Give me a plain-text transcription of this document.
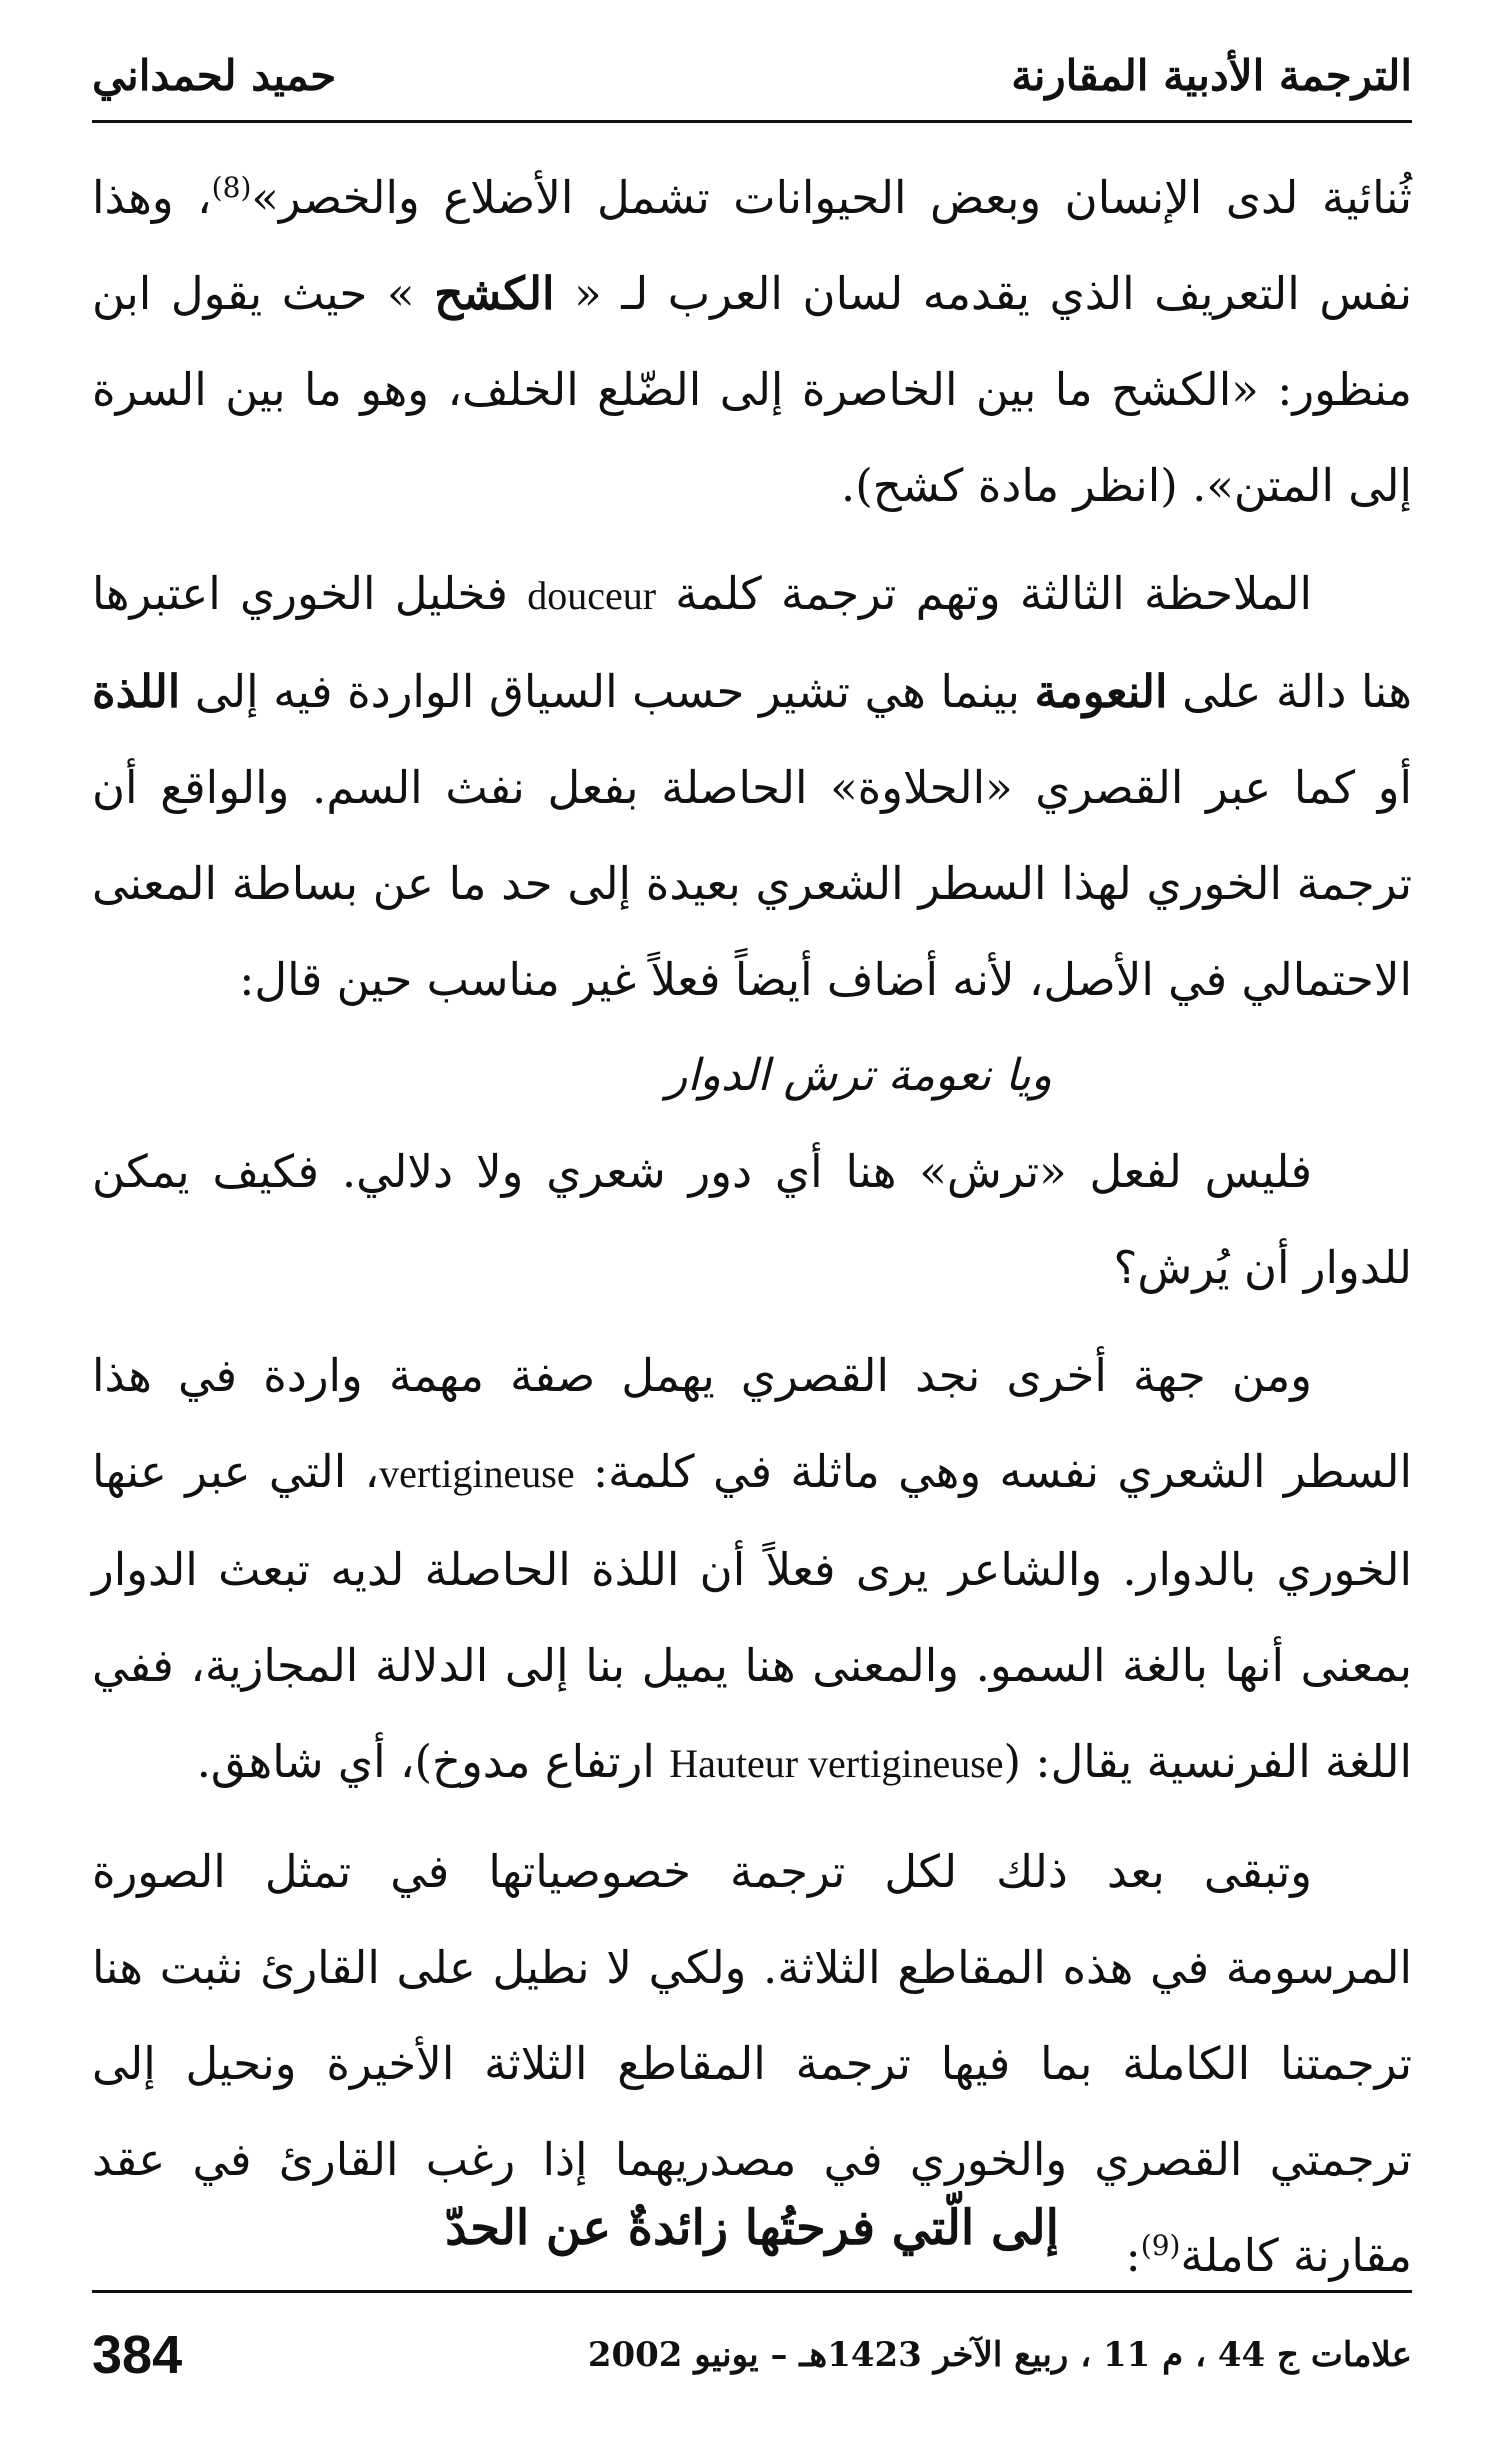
الترجمة الأدبية المقارنة
حميد لحمداني

ثُنائية لدى الإنسان وبعض الحيوانات تشمل الأضلاع والخصر»$^{(8)}$، وهذا نفس التعريف الذي يقدمه لسان العرب لـ « الكشح » حيث يقول ابن منظور: «الكشح ما بين الخاصرة إلى الضّلع الخلف، وهو ما بين السرة إلى المتن». (انظر مادة كشح).

الملاحظة الثالثة وتهم ترجمة كلمة douceur فخليل الخوري اعتبرها هنا دالة على النعومة بينما هي تشير حسب السياق الواردة فيه إلى اللذة أو كما عبر القصري «الحلاوة» الحاصلة بفعل نفث السم. والواقع أن ترجمة الخوري لهذا السطر الشعري بعيدة إلى حد ما عن بساطة المعنى الاحتمالي في الأصل، لأنه أضاف أيضاً فعلاً غير مناسب حين قال:

ويا نعومة ترش الدوار

فليس لفعل «ترش» هنا أي دور شعري ولا دلالي. فكيف يمكن للدوار أن يُرش؟

ومن جهة أخرى نجد القصري يهمل صفة مهمة واردة في هذا السطر الشعري نفسه وهي ماثلة في كلمة: vertigineuse، التي عبر عنها الخوري بالدوار. والشاعر يرى فعلاً أن اللذة الحاصلة لديه تبعث الدوار بمعنى أنها بالغة السمو. والمعنى هنا يميل بنا إلى الدلالة المجازية، ففي اللغة الفرنسية يقال: (Hauteur vertigineuse ارتفاع مدوخ)، أي شاهق.

وتبقى بعد ذلك لكل ترجمة خصوصياتها في تمثل الصورة المرسومة في هذه المقاطع الثلاثة. ولكي لا نطيل على القارئ نثبت هنا ترجمتنا الكاملة بما فيها ترجمة المقاطع الثلاثة الأخيرة ونحيل إلى ترجمتي القصري والخوري في مصدريهما إذا رغب القارئ في عقد مقارنة كاملة$^{(9)}$:

إلى الّتي فرحتُها زائدةٌ عن الحدّ
علامات ج 44 ، م 11 ، ربيع الآخر 1423هـ – يونيو 2002
384
